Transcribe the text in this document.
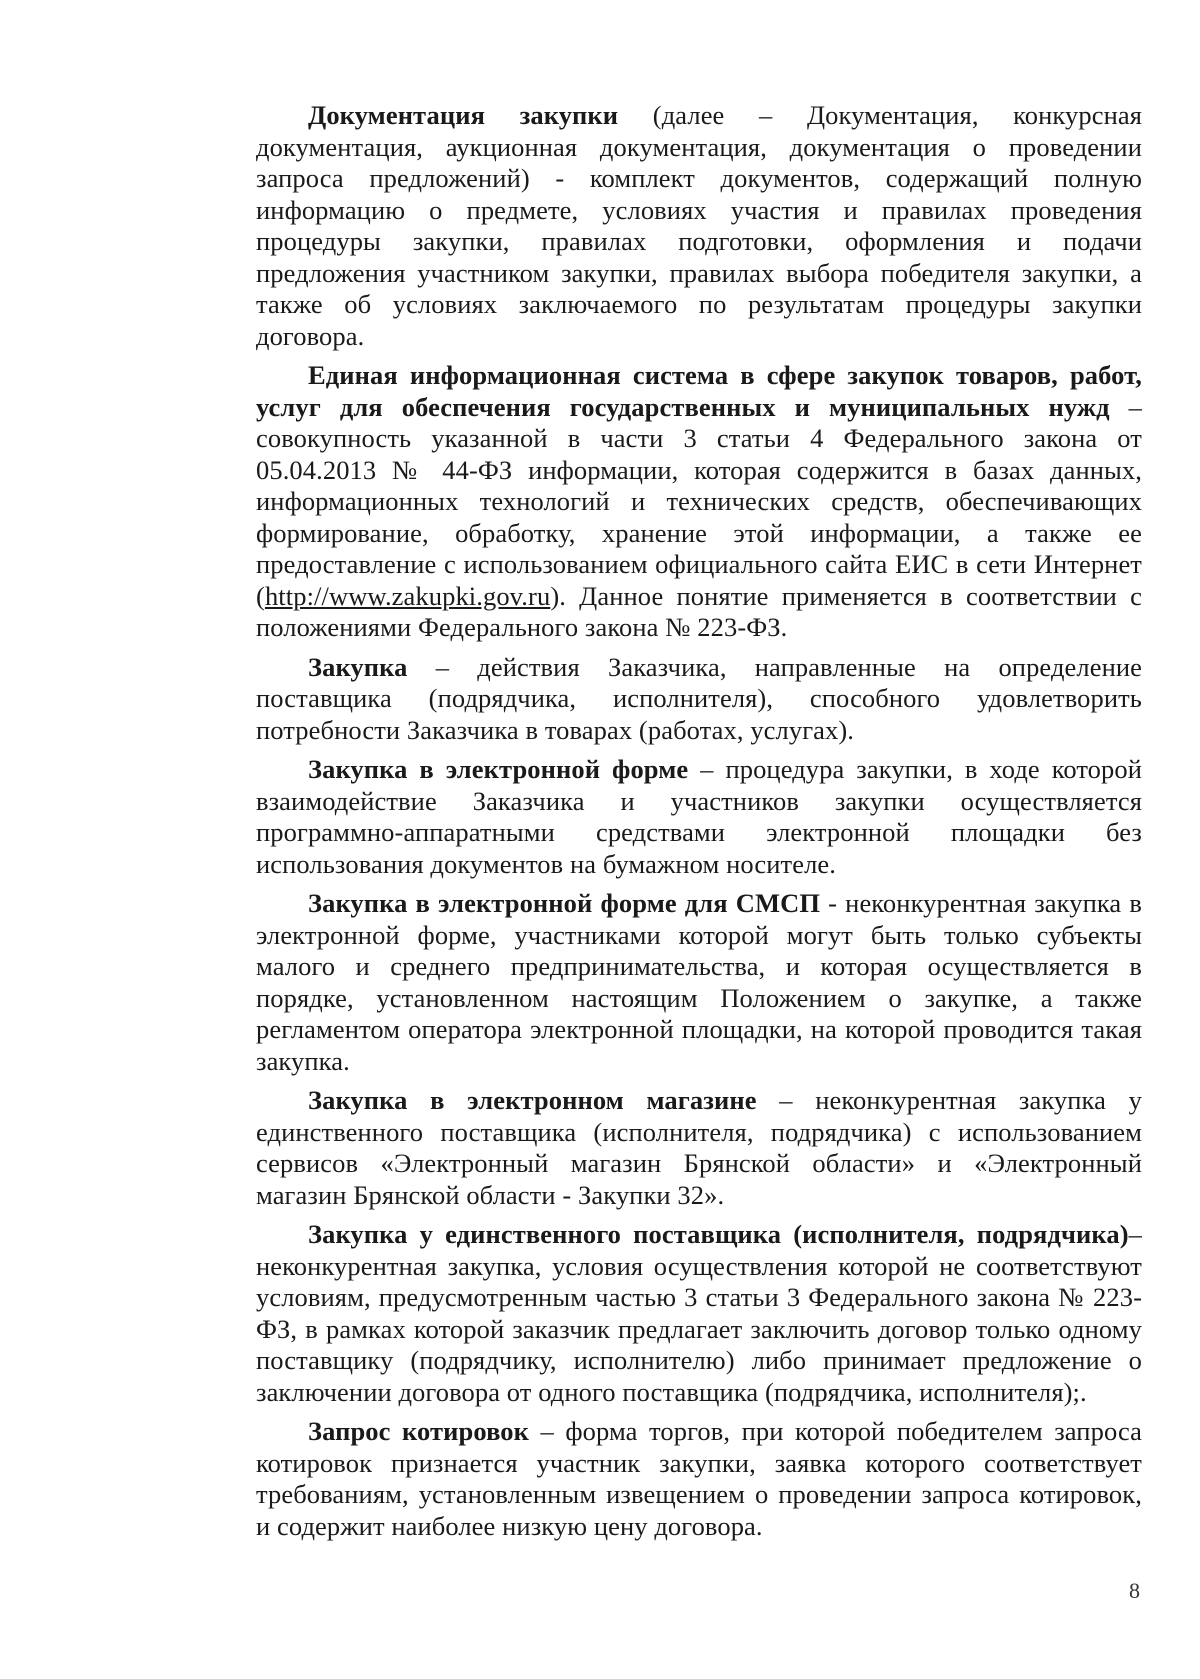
Документация закупки (далее – Документация, конкурсная документация, аукционная документация, документация о проведении запроса предложений) - комплект документов, содержащий полную информацию о предмете, условиях участия и правилах проведения процедуры закупки, правилах подготовки, оформления и подачи предложения участником закупки, правилах выбора победителя закупки, а также об условиях заключаемого по результатам процедуры закупки договора.

Единая информационная система в сфере закупок товаров, работ, услуг для обеспечения государственных и муниципальных нужд – совокупность указанной в части 3 статьи 4 Федерального закона от 05.04.2013 № 44-ФЗ информации, которая содержится в базах данных, информационных технологий и технических средств, обеспечивающих формирование, обработку, хранение этой информации, а также ее предоставление с использованием официального сайта ЕИС в сети Интернет (http://www.zakupki.gov.ru). Данное понятие применяется в соответствии с положениями Федерального закона № 223-ФЗ.

Закупка – действия Заказчика, направленные на определение поставщика (подрядчика, исполнителя), способного удовлетворить потребности Заказчика в товарах (работах, услугах).

Закупка в электронной форме – процедура закупки, в ходе которой взаимодействие Заказчика и участников закупки осуществляется программно-аппаратными средствами электронной площадки без использования документов на бумажном носителе.

Закупка в электронной форме для СМСП - неконкурентная закупка в электронной форме, участниками которой могут быть только субъекты малого и среднего предпринимательства, и которая осуществляется в порядке, установленном настоящим Положением о закупке, а также регламентом оператора электронной площадки, на которой проводится такая закупка.

Закупка в электронном магазине – неконкурентная закупка у единственного поставщика (исполнителя, подрядчика) с использованием сервисов «Электронный магазин Брянской области» и «Электронный магазин Брянской области - Закупки 32».

Закупка у единственного поставщика (исполнителя, подрядчика)– неконкурентная закупка, условия осуществления которой не соответствуют условиям, предусмотренным частью 3 статьи 3 Федерального закона № 223-ФЗ, в рамках которой заказчик предлагает заключить договор только одному поставщику (подрядчику, исполнителю) либо принимает предложение о заключении договора от одного поставщика (подрядчика, исполнителя);.

Запрос котировок – форма торгов, при которой победителем запроса котировок признается участник закупки, заявка которого соответствует требованиям, установленным извещением о проведении запроса котировок, и содержит наиболее низкую цену договора.

8
